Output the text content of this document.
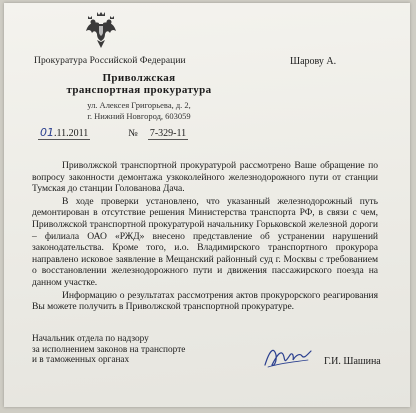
Прокуратура Российской Федерации	Шарову А.
Приволжская
транспортная прокуратура
ул. Алексея Григорьева, д. 2,
г. Нижний Новгород, 603059
01.11.2011	№ 7-329-11

Приволжской транспортной прокуратурой рассмотрено Ваше обращение по вопросу законности демонтажа узкоколейного железнодорожного пути от станции Тумская до станции Голованова Дача.

В ходе проверки установлено, что указанный железнодорожный путь демонтирован в отсутствие решения Министерства транспорта РФ, в связи с чем, Приволжской транспортной прокуратурой начальнику Горьковской железной дороги – филиала ОАО «РЖД» внесено представление об устранении нарушений законодательства. Кроме того, и.о. Владимирского транспортного прокурора направлено исковое заявление в Мещанский районный суд г. Москвы с требованием о восстановлении железнодорожного пути и движения пассажирского поезда на данном участке.

Информацию о результатах рассмотрения актов прокурорского реагирования Вы можете получить в Приволжской транспортной прокуратуре.

Начальник отдела по надзору
за исполнением законов на транспорте
и в таможенных органах	Г.И. Шашина
